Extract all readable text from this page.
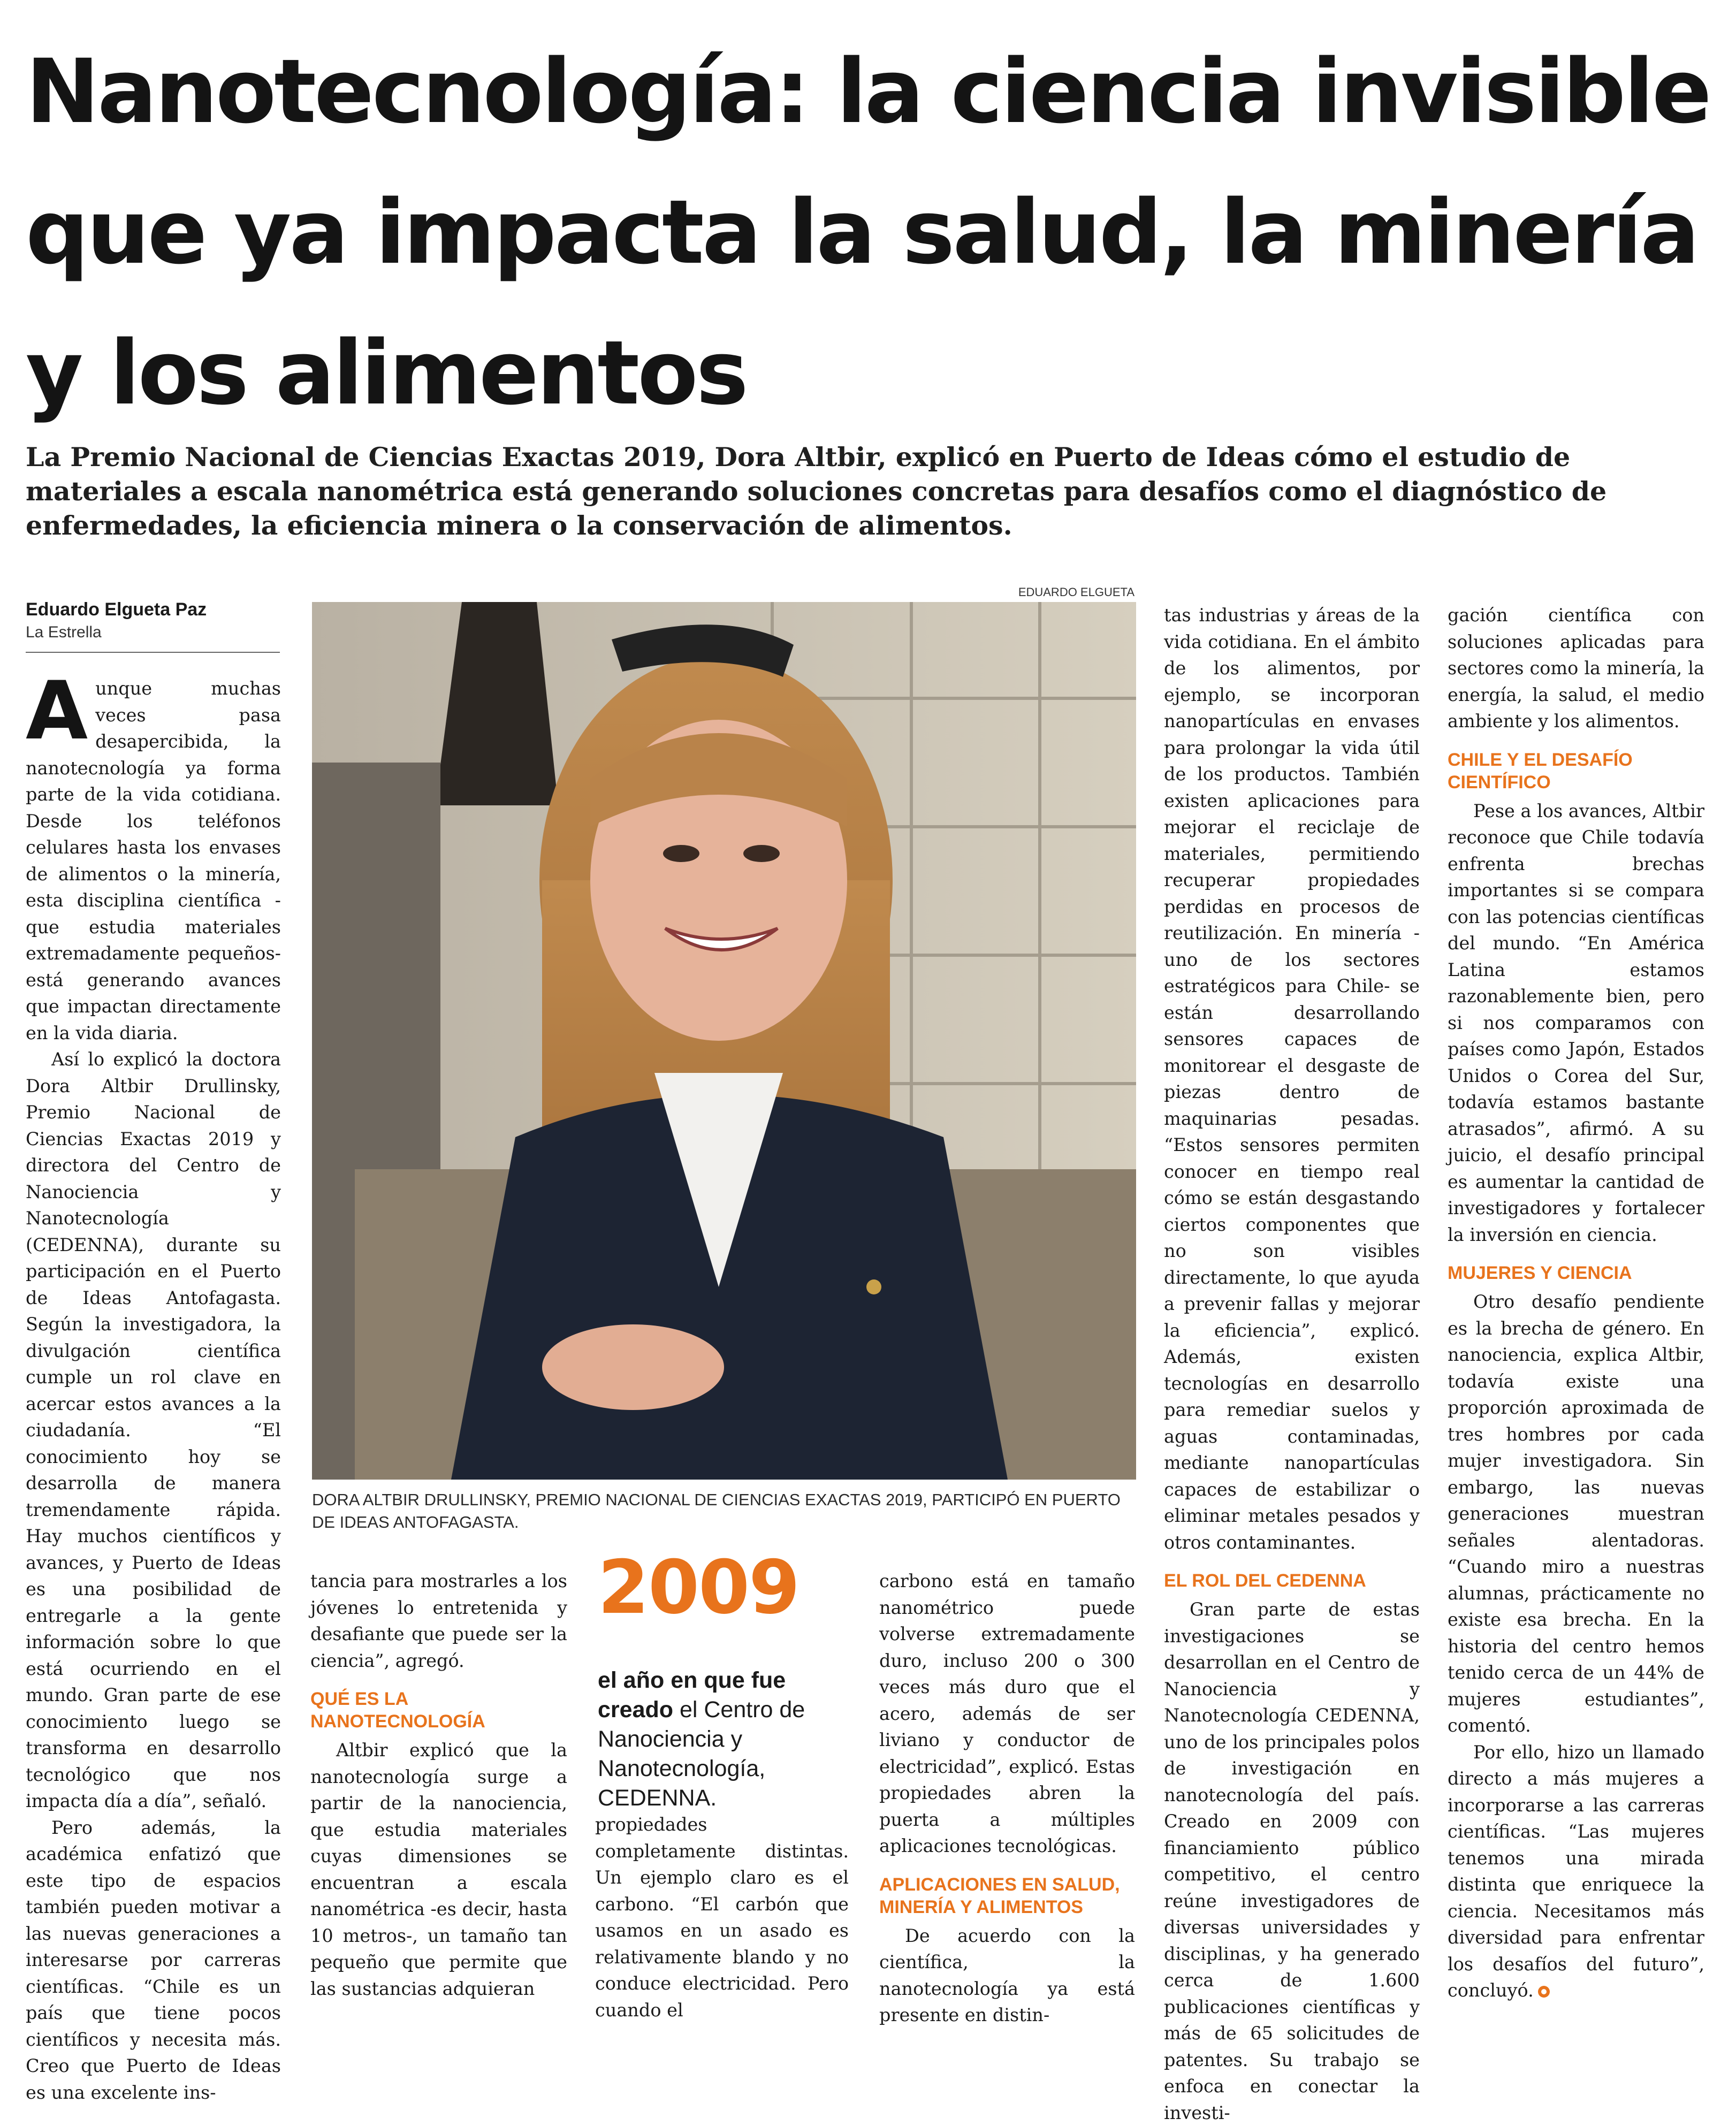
Nanotecnología: la ciencia invisible que ya impacta la salud, la minería y los alimentos

La Premio Nacional de Ciencias Exactas 2019, Dora Altbir, explicó en Puerto de Ideas cómo el estudio de materiales a escala nanométrica está generando soluciones concretas para desafíos como el diagnóstico de enfermedades, la eficiencia minera o la conservación de alimentos.

Eduardo Elgueta Paz
La Estrella

Aunque muchas veces pasa desapercibida, la nanotecnología ya forma parte de la vida cotidiana. Desde los teléfonos celulares hasta los envases de alimentos o la minería, esta disciplina científica -que estudia materiales extremadamente pequeños- está generando avances que impactan directamente en la vida diaria.

Así lo explicó la doctora Dora Altbir Drullinsky, Premio Nacional de Ciencias Exactas 2019 y directora del Centro de Nanociencia y Nanotecnología (CEDENNA), durante su participación en el Puerto de Ideas Antofagasta. Según la investigadora, la divulgación científica cumple un rol clave en acercar estos avances a la ciudadanía. “El conocimiento hoy se desarrolla de manera tremendamente rápida. Hay muchos científicos y avances, y Puerto de Ideas es una posibilidad de entregarle a la gente información sobre lo que está ocurriendo en el mundo. Gran parte de ese conocimiento luego se transforma en desarrollo tecnológico que nos impacta día a día”, señaló.

Pero además, la académica enfatizó que este tipo de espacios también pueden motivar a las nuevas generaciones a interesarse por carreras científicas. “Chile es un país que tiene pocos científicos y necesita más. Creo que Puerto de Ideas es una excelente ins-

EDUARDO ELGUETA

DORA ALTBIR DRULLINSKY, PREMIO NACIONAL DE CIENCIAS EXACTAS 2019, PARTICIPÓ EN PUERTO DE IDEAS ANTOFAGASTA.

tancia para mostrarles a los jóvenes lo entretenida y desafiante que puede ser la ciencia”, agregó.

QUÉ ES LA NANOTECNOLOGÍA

Altbir explicó que la nanotecnología surge a partir de la nanociencia, que estudia materiales cuyas dimensiones se encuentran a escala nanométrica -es decir, hasta 10 metros-, un tamaño tan pequeño que permite que las sustancias adquieran

2009

el año en que fue creado el Centro de Nanociencia y Nanotecnología, CEDENNA.

propiedades completamente distintas. Un ejemplo claro es el carbono. “El carbón que usamos en un asado es relativamente blando y no conduce electricidad. Pero cuando el

carbono está en tamaño nanométrico puede volverse extremadamente duro, incluso 200 o 300 veces más duro que el acero, además de ser liviano y conductor de electricidad”, explicó. Estas propiedades abren la puerta a múltiples aplicaciones tecnológicas.

APLICACIONES EN SALUD, MINERÍA Y ALIMENTOS

De acuerdo con la científica, la nanotecnología ya está presente en distin-

tas industrias y áreas de la vida cotidiana. En el ámbito de los alimentos, por ejemplo, se incorporan nanopartículas en envases para prolongar la vida útil de los productos. También existen aplicaciones para mejorar el reciclaje de materiales, permitiendo recuperar propiedades perdidas en procesos de reutilización. En minería -uno de los sectores estratégicos para Chile- se están desarrollando sensores capaces de monitorear el desgaste de piezas dentro de maquinarias pesadas. “Estos sensores permiten conocer en tiempo real cómo se están desgastando ciertos componentes que no son visibles directamente, lo que ayuda a prevenir fallas y mejorar la eficiencia”, explicó. Además, existen tecnologías en desarrollo para remediar suelos y aguas contaminadas, mediante nanopartículas capaces de estabilizar o eliminar metales pesados y otros contaminantes.

EL ROL DEL CEDENNA

Gran parte de estas investigaciones se desarrollan en el Centro de Nanociencia y Nanotecnología CEDENNA, uno de los principales polos de investigación en nanotecnología del país. Creado en 2009 con financiamiento público competitivo, el centro reúne investigadores de diversas universidades y disciplinas, y ha generado cerca de 1.600 publicaciones científicas y más de 65 solicitudes de patentes. Su trabajo se enfoca en conectar la investi-

gación científica con soluciones aplicadas para sectores como la minería, la energía, la salud, el medio ambiente y los alimentos.

CHILE Y EL DESAFÍO CIENTÍFICO

Pese a los avances, Altbir reconoce que Chile todavía enfrenta brechas importantes si se compara con las potencias científicas del mundo. “En América Latina estamos razonablemente bien, pero si nos comparamos con países como Japón, Estados Unidos o Corea del Sur, todavía estamos bastante atrasados”, afirmó. A su juicio, el desafío principal es aumentar la cantidad de investigadores y fortalecer la inversión en ciencia.

MUJERES Y CIENCIA

Otro desafío pendiente es la brecha de género. En nanociencia, explica Altbir, todavía existe una proporción aproximada de tres hombres por cada mujer investigadora. Sin embargo, las nuevas generaciones muestran señales alentadoras. “Cuando miro a nuestras alumnas, prácticamente no existe esa brecha. En la historia del centro hemos tenido cerca de un 44% de mujeres estudiantes”, comentó.

Por ello, hizo un llamado directo a más mujeres a incorporarse a las carreras científicas. “Las mujeres tenemos una mirada distinta que enriquece la ciencia. Necesitamos más diversidad para enfrentar los desafíos del futuro”, concluyó.
